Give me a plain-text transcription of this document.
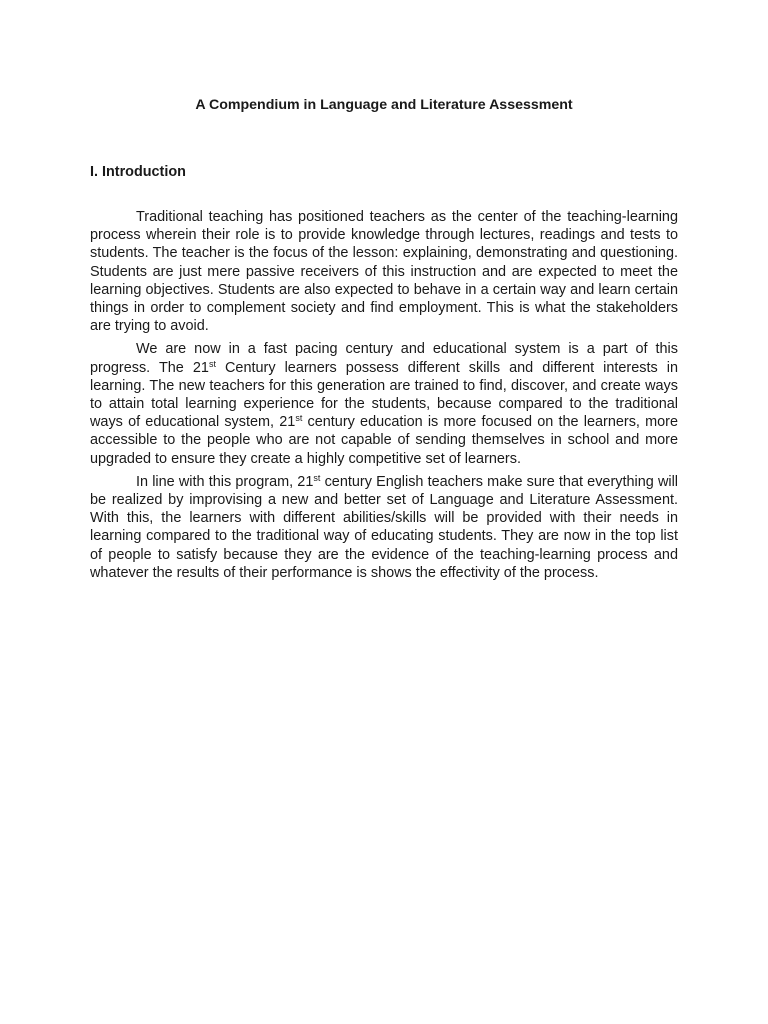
A Compendium in Language and Literature Assessment
I. Introduction

Traditional teaching has positioned teachers as the center of the teaching-learning process wherein their role is to provide knowledge through lectures, readings and tests to students. The teacher is the focus of the lesson: explaining, demonstrating and questioning. Students are just mere passive receivers of this instruction and are expected to meet the learning objectives. Students are also expected to behave in a certain way and learn certain things in order to complement society and find employment. This is what the stakeholders are trying to avoid.

We are now in a fast pacing century and educational system is a part of this progress. The 21st Century learners possess different skills and different interests in learning. The new teachers for this generation are trained to find, discover, and create ways to attain total learning experience for the students, because compared to the traditional ways of educational system, 21st century education is more focused on the learners, more accessible to the people who are not capable of sending themselves in school and more upgraded to ensure they create a highly competitive set of learners.

In line with this program, 21st century English teachers make sure that everything will be realized by improvising a new and better set of Language and Literature Assessment. With this, the learners with different abilities/skills will be provided with their needs in learning compared to the traditional way of educating students. They are now in the top list of people to satisfy because they are the evidence of the teaching-learning process and whatever the results of their performance is shows the effectivity of the process.
